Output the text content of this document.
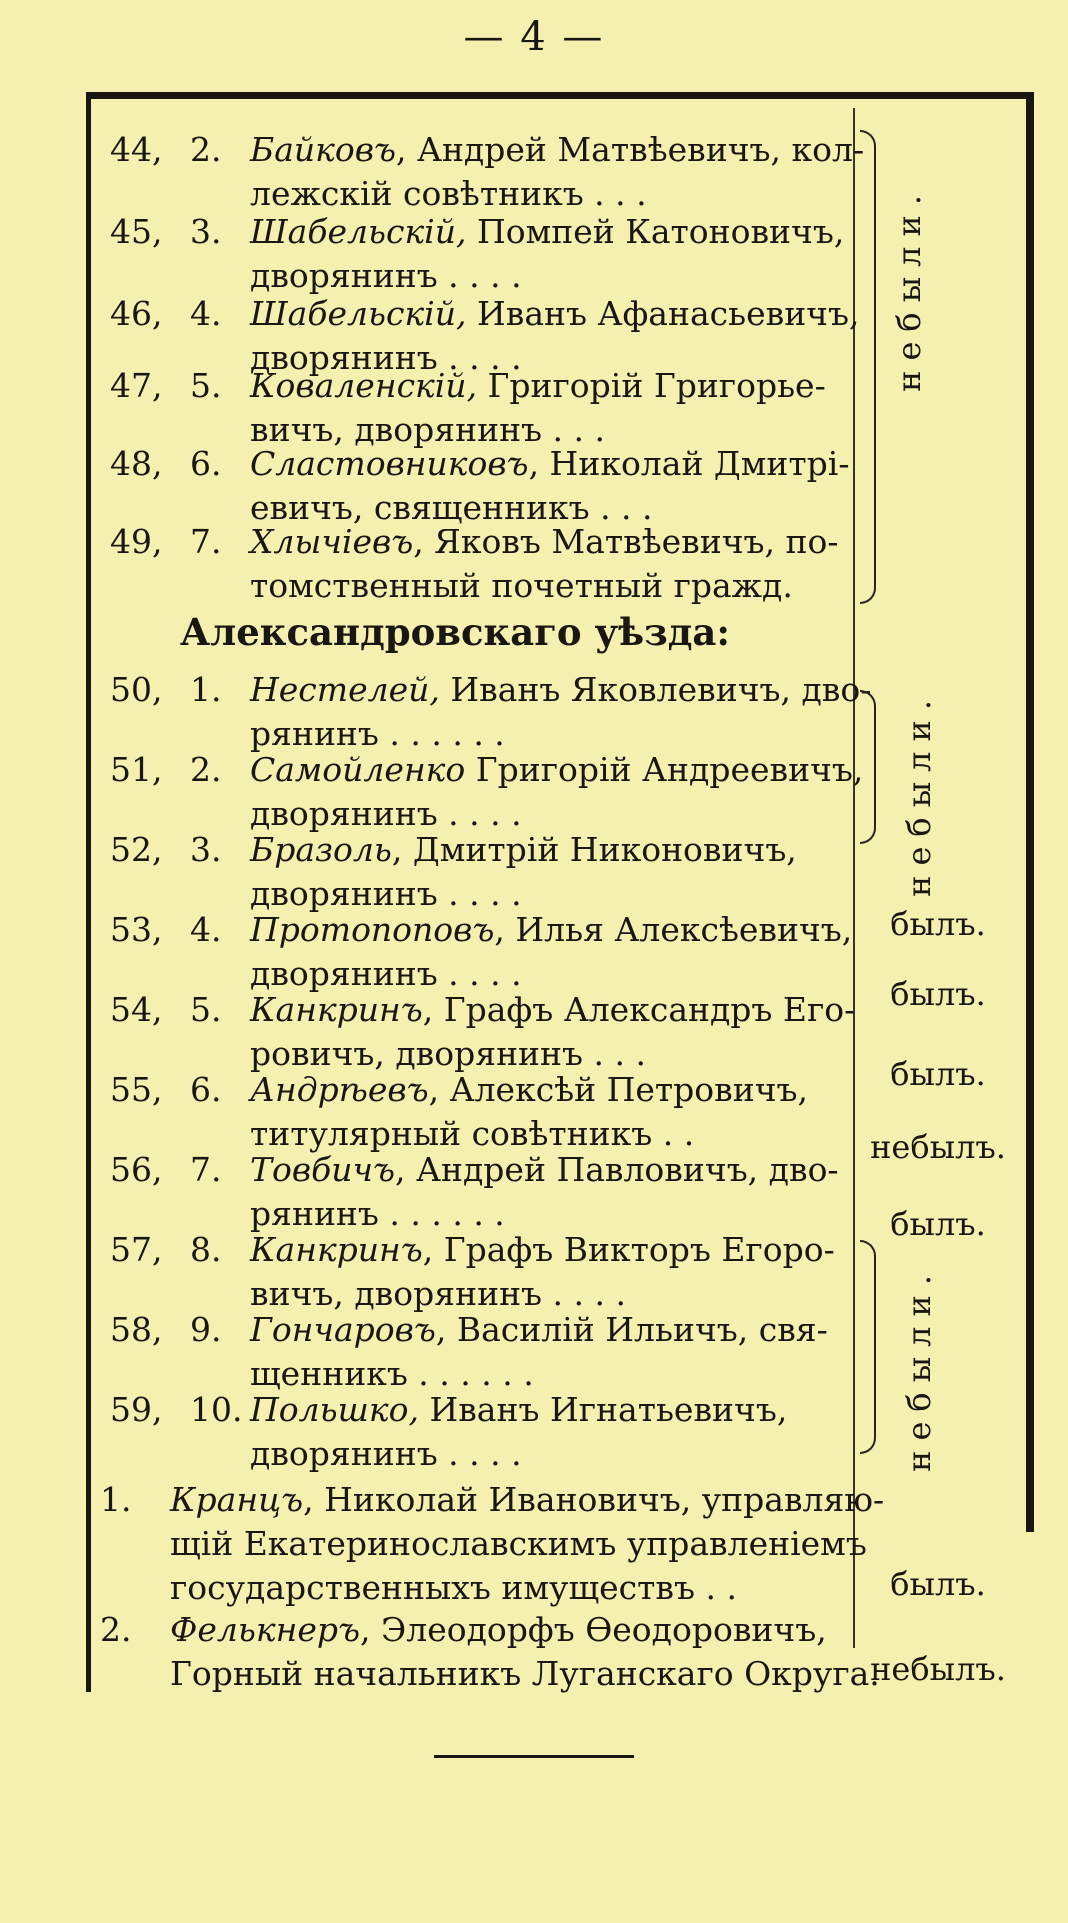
— 4 —
44, 2. Байковъ, Андрей Матвѣевичъ, кол-
лежскій совѣтникъ . . .
45, 3. Шабельскій, Помпей Катоновичъ,
дворянинъ . . . .
46, 4. Шабельскій, Иванъ Афанасьевичъ,
дворянинъ . . . .
47, 5. Коваленскій, Григорій Григорье-
вичъ, дворянинъ . . .
48, 6. Сластовниковъ, Николай Дмитрі-
евичъ, священникъ . . .
49, 7. Хлычіевъ, Яковъ Матвѣевичъ, по-
томственный почетный гражд.
небыли.
Александровскаго уѣзда:
50, 1. Нестелей, Иванъ Яковлевичъ, дво-
рянинъ . . . . . .
51, 2. Самойленко Григорій Андреевичъ,
дворянинъ . . . .
52, 3. Бразоль, Дмитрій Никоновичъ,
дворянинъ . . . .
53, 4. Протопоповъ, Илья Алексѣевичъ,
дворянинъ . . . .
54, 5. Канкринъ, Графъ Александръ Его-
ровичъ, дворянинъ . . .
55, 6. Андрѣевъ, Алексѣй Петровичъ,
титулярный совѣтникъ . .
56, 7. Товбичъ, Андрей Павловичъ, дво-
рянинъ . . . . . .
57, 8. Канкринъ, Графъ Викторъ Егоро-
вичъ, дворянинъ . . . .
58, 9. Гончаровъ, Василій Ильичъ, свя-
щенникъ . . . . . .
59, 10. Польшко, Иванъ Игнатьевичъ,
дворянинъ . . . .
небыли.
былъ.
былъ.
былъ.
небылъ.
былъ.
небыли.
1. Кранцъ, Николай Ивановичъ, управляю-
щій Екатеринославскимъ управленіемъ
государственныхъ имуществъ . .	былъ.
2. Фелькнеръ, Элеодорфъ Ѳеодоровичъ,
Горный начальникъ Луганскаго Округа.
небылъ.
